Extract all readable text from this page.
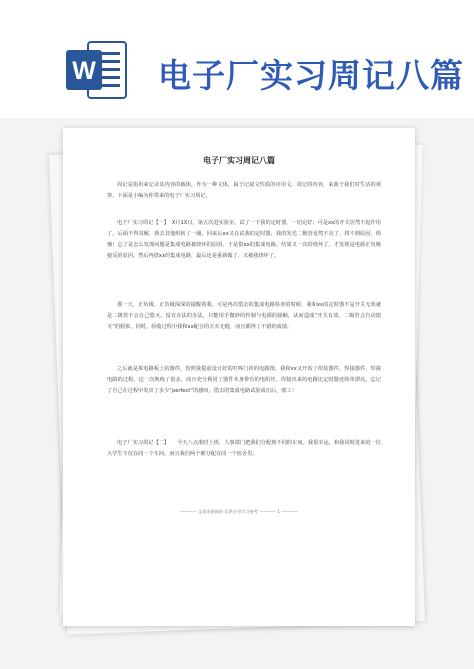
W 电子厂实习周记八篇
电子厂实习周记八篇

周记是指用来记录其内容的载体，作为一种文体，属于记叙文性质的应用文。周记的内容，来源于我们对生活的观察，下面是小编为你带来的电子厂实习周记。

电子厂实习周记【一】　X月1X日，第五次进实验室。试了一下我的定时器，一切完好；可是xx的开关居然不起作用了。后面不得其解，我去其他组转了一圈。回来后xx又在试我的定时器，我的发光二极管竟然不亮了。找不到原因，烦恼！忘了是怎么发现问题是集成电路被烧坏的原因，于是借xx的集成电路，结果又一次给烧坏了，才发现是电源正负极接反的原因。然后再借xx的集成电路，最后还是重新做了，又被我烧坏了。

那一天，正负极、正负极深深的提醒着我。可是再次借去的集成电路检查的时候，我和xx的定时器不是开关无效就是二级管不会自己熄灭。没有办法的办法，只能用手微妙的控制与电源的接触，从而造成“开关有效、二级管会自动熄灭”的假象。同时，验收过程中我和xx配合的天衣无缝，而且都得了不错的成绩。

之后就是拆电路板上的器件，按照我提前设计好的叮咚门铃的电路图，我和xx又开始了组装器件、焊接器件、焊接电路的过程。这一次熟练了很多，而且充分利用了器件本身带有的电阻丝，焊接出来的电路比定时器还简单漂亮。忘记了自己在过程中发出了多少“perfect”的感叹。借去的集成电路试验成功后，收工！

电子厂实习周记【二】　　今天八点准时上班，人事部门把我们分配到不同的车间。我很幸运，和我同时进来的一位大学生不仅在同一个车间，而且我们两个被分配在同一个宿舍里。

———— 文章来源网络 仅供分享学习参考 ———— 1 ————
